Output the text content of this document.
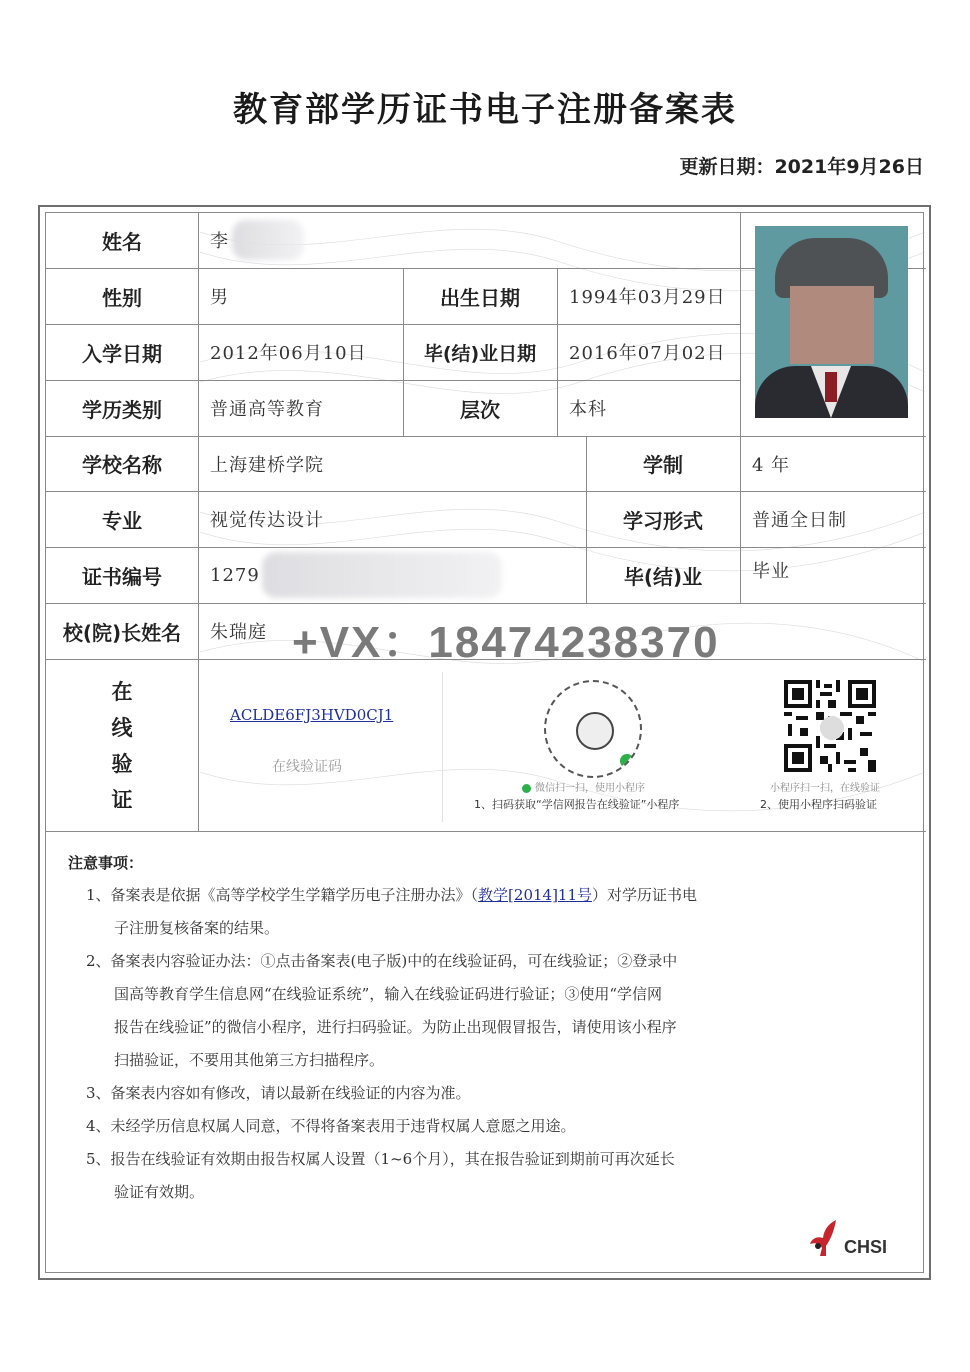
教育部学历证书电子注册备案表
更新日期：2021年9月26日
姓名	李
性别	男	出生日期	1994年03月29日
入学日期	2012年06月10日	毕(结)业日期	2016年07月02日
学历类别	普通高等教育	层次	本科
学校名称	上海建桥学院	学制	4 年
专业	视觉传达设计	学习形式	普通全日制
证书编号	1279	毕(结)业	毕业
校(院)长姓名	朱瑞庭 +VX：18474238370
在
线
验
证
ACLDE6FJ3HVD0CJ1
在线验证码
微信扫一扫，使用小程序
1、扫码获取“学信网报告在线验证”小程序
小程序扫一扫，在线验证
2、使用小程序扫码验证
注意事项：
1、备案表是依据《高等学校学生学籍学历电子注册办法》（教学[2014]11号）对学历证书电
子注册复核备案的结果。
2、备案表内容验证办法：①点击备案表(电子版)中的在线验证码，可在线验证；②登录中
国高等教育学生信息网“在线验证系统”，输入在线验证码进行验证；③使用“学信网
报告在线验证”的微信小程序，进行扫码验证。为防止出现假冒报告，请使用该小程序
扫描验证，不要用其他第三方扫描程序。
3、备案表内容如有修改，请以最新在线验证的内容为准。
4、未经学历信息权属人同意，不得将备案表用于违背权属人意愿之用途。
5、报告在线验证有效期由报告权属人设置（1~6个月），其在报告验证到期前可再次延长
验证有效期。
CHSI
